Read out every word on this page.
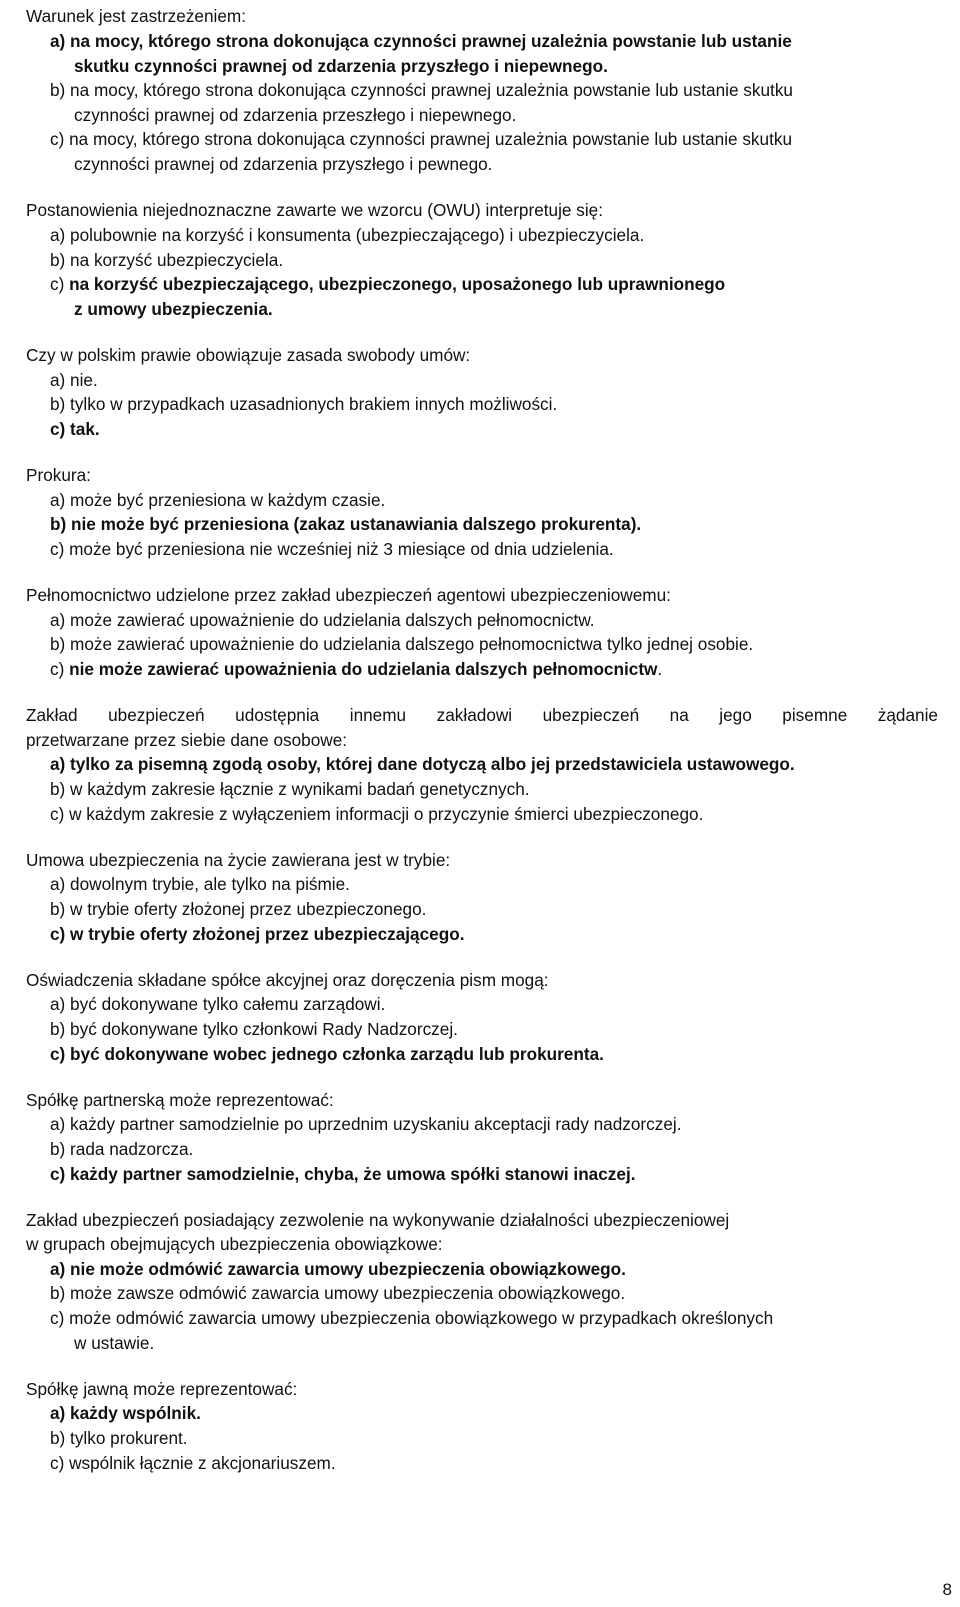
Warunek jest zastrzeżeniem:
a) na mocy, którego strona dokonująca czynności prawnej uzależnia powstanie lub ustanie
skutku czynności prawnej od zdarzenia przyszłego i niepewnego.
b) na mocy, którego strona dokonująca czynności prawnej uzależnia powstanie lub ustanie skutku
czynności prawnej od zdarzenia przeszłego i niepewnego.
c) na mocy, którego strona dokonująca czynności prawnej uzależnia powstanie lub ustanie skutku
czynności prawnej od zdarzenia przyszłego i pewnego.
Postanowienia niejednoznaczne zawarte we wzorcu (OWU) interpretuje się:
a) polubownie na korzyść i konsumenta (ubezpieczającego) i ubezpieczyciela.
b) na korzyść ubezpieczyciela.
c) na korzyść ubezpieczającego, ubezpieczonego, uposażonego lub uprawnionego
z umowy ubezpieczenia.
Czy w polskim prawie obowiązuje zasada swobody umów:
a) nie.
b) tylko w przypadkach uzasadnionych brakiem innych możliwości.
c) tak.
Prokura:
a) może być przeniesiona w każdym czasie.
b) nie może być przeniesiona (zakaz ustanawiania dalszego prokurenta).
c) może być przeniesiona nie wcześniej niż 3 miesiące od dnia udzielenia.
Pełnomocnictwo udzielone przez zakład ubezpieczeń agentowi ubezpieczeniowemu:
a) może zawierać upoważnienie do udzielania dalszych pełnomocnictw.
b) może zawierać upoważnienie do udzielania dalszego pełnomocnictwa tylko jednej osobie.
c) nie może zawierać upoważnienia do udzielania dalszych pełnomocnictw.
Zakład ubezpieczeń udostępnia innemu zakładowi ubezpieczeń na jego pisemne żądanie
przetwarzane przez siebie dane osobowe:
a) tylko za pisemną zgodą osoby, której dane dotyczą albo jej przedstawiciela ustawowego.
b) w każdym zakresie łącznie z wynikami badań genetycznych.
c) w każdym zakresie z wyłączeniem informacji o przyczynie śmierci ubezpieczonego.
Umowa ubezpieczenia na życie zawierana jest w trybie:
a) dowolnym trybie, ale tylko na piśmie.
b) w trybie oferty złożonej przez ubezpieczonego.
c) w trybie oferty złożonej przez ubezpieczającego.
Oświadczenia składane spółce akcyjnej oraz doręczenia pism mogą:
a) być dokonywane tylko całemu zarządowi.
b) być dokonywane tylko członkowi Rady Nadzorczej.
c) być dokonywane wobec jednego członka zarządu lub prokurenta.
Spółkę partnerską może reprezentować:
a) każdy partner samodzielnie po uprzednim uzyskaniu akceptacji rady nadzorczej.
b) rada nadzorcza.
c) każdy partner samodzielnie, chyba, że umowa spółki stanowi inaczej.
Zakład ubezpieczeń posiadający zezwolenie na wykonywanie działalności ubezpieczeniowej
w grupach obejmujących ubezpieczenia obowiązkowe:
a) nie może odmówić zawarcia umowy ubezpieczenia obowiązkowego.
b) może zawsze odmówić zawarcia umowy ubezpieczenia obowiązkowego.
c) może odmówić zawarcia umowy ubezpieczenia obowiązkowego w przypadkach określonych
w ustawie.
Spółkę jawną może reprezentować:
a) każdy wspólnik.
b) tylko prokurent.
c) wspólnik łącznie z akcjonariuszem.
8
